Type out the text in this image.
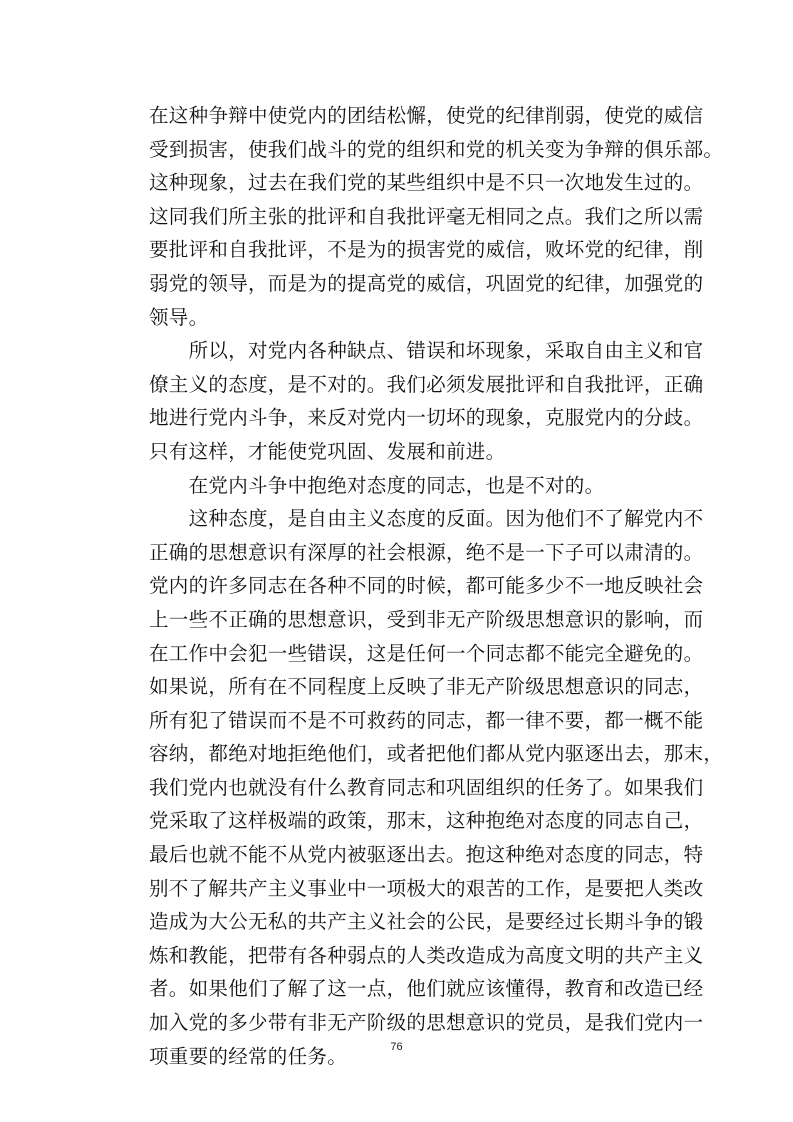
在这种争辩中使党内的团结松懈，使党的纪律削弱，使党的威信
受到损害，使我们战斗的党的组织和党的机关变为争辩的俱乐部。
这种现象，过去在我们党的某些组织中是不只一次地发生过的。
这同我们所主张的批评和自我批评毫无相同之点。我们之所以需
要批评和自我批评，不是为的损害党的威信，败坏党的纪律，削
弱党的领导，而是为的提高党的威信，巩固党的纪律，加强党的
领导。
　　所以，对党内各种缺点、错误和坏现象，采取自由主义和官
僚主义的态度，是不对的。我们必须发展批评和自我批评，正确
地进行党内斗争，来反对党内一切坏的现象，克服党内的分歧。
只有这样，才能使党巩固、发展和前进。
　　在党内斗争中抱绝对态度的同志，也是不对的。
　　这种态度，是自由主义态度的反面。因为他们不了解党内不
正确的思想意识有深厚的社会根源，绝不是一下子可以肃清的。
党内的许多同志在各种不同的时候，都可能多少不一地反映社会
上一些不正确的思想意识，受到非无产阶级思想意识的影响，而
在工作中会犯一些错误，这是任何一个同志都不能完全避免的。
如果说，所有在不同程度上反映了非无产阶级思想意识的同志，
所有犯了错误而不是不可救药的同志，都一律不要，都一概不能
容纳，都绝对地拒绝他们，或者把他们都从党内驱逐出去，那末，
我们党内也就没有什么教育同志和巩固组织的任务了。如果我们
党采取了这样极端的政策，那末，这种抱绝对态度的同志自己，
最后也就不能不从党内被驱逐出去。抱这种绝对态度的同志，特
别不了解共产主义事业中一项极大的艰苦的工作，是要把人类改
造成为大公无私的共产主义社会的公民，是要经过长期斗争的锻
炼和教能，把带有各种弱点的人类改造成为高度文明的共产主义
者。如果他们了解了这一点，他们就应该懂得，教育和改造已经
加入党的多少带有非无产阶级的思想意识的党员，是我们党内一
项重要的经常的任务。	76
